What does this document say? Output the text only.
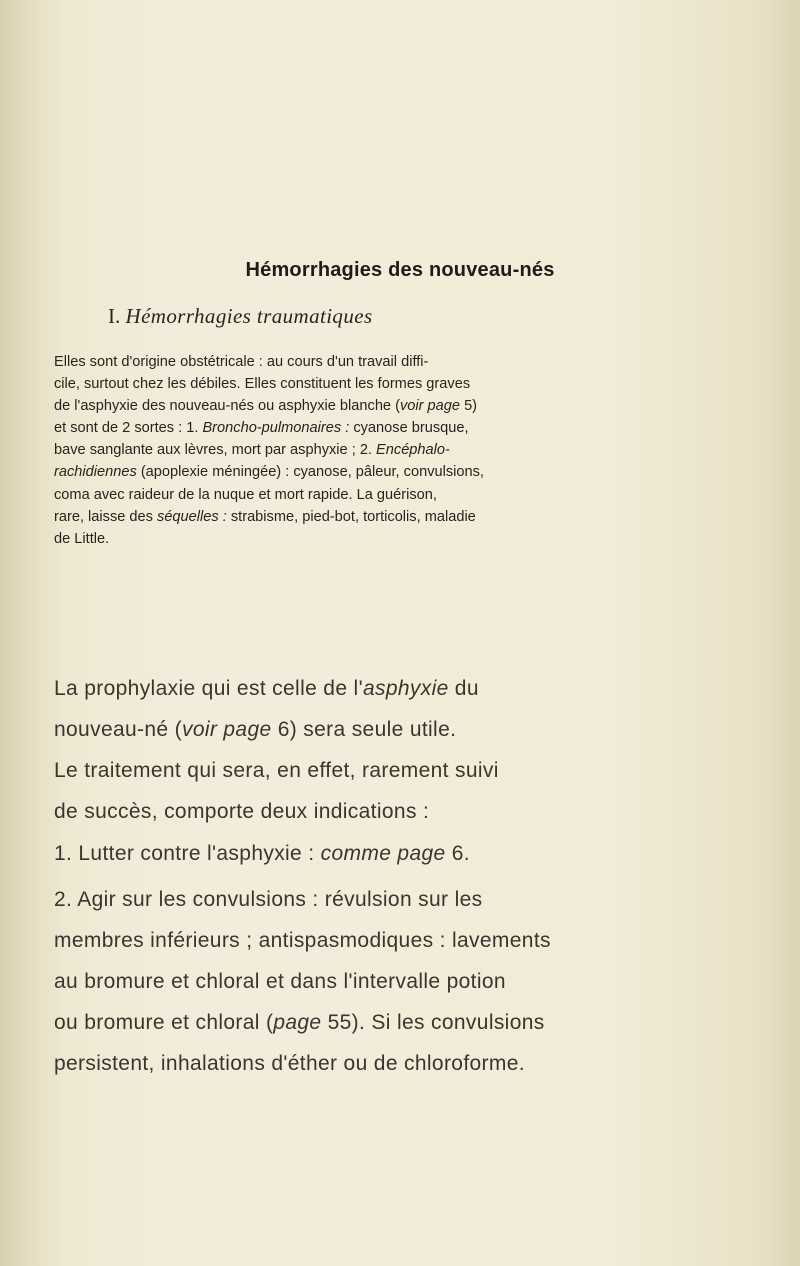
Hémorrhagies des nouveau-nés
I. Hémorrhagies traumatiques
Elles sont d'origine obstétricale : au cours d'un travail diffi-
cile, surtout chez les débiles. Elles constituent les formes graves
de l'asphyxie des nouveau-nés ou asphyxie blanche (voir page 5)
et sont de 2 sortes : 1. Broncho-pulmonaires : cyanose brusque,
bave sanglante aux lèvres, mort par asphyxie ; 2. Encéphalo-
rachidiennes (apoplexie méningée) : cyanose, pâleur, convulsions,
coma avec raideur de la nuque et mort rapide. La guérison,
rare, laisse des séquelles : strabisme, pied-bot, torticolis, maladie
de Little.
La prophylaxie qui est celle de l'asphyxie du
nouveau-né (voir page 6) sera seule utile.
Le traitement qui sera, en effet, rarement suivi
de succès, comporte deux indications :
1. Lutter contre l'asphyxie : comme page 6.
2. Agir sur les convulsions : révulsion sur les
membres inférieurs ; antispasmodiques : lavements
au bromure et chloral et dans l'intervalle potion
ou bromure et chloral (page 55). Si les convulsions
persistent, inhalations d'éther ou de chloroforme.
